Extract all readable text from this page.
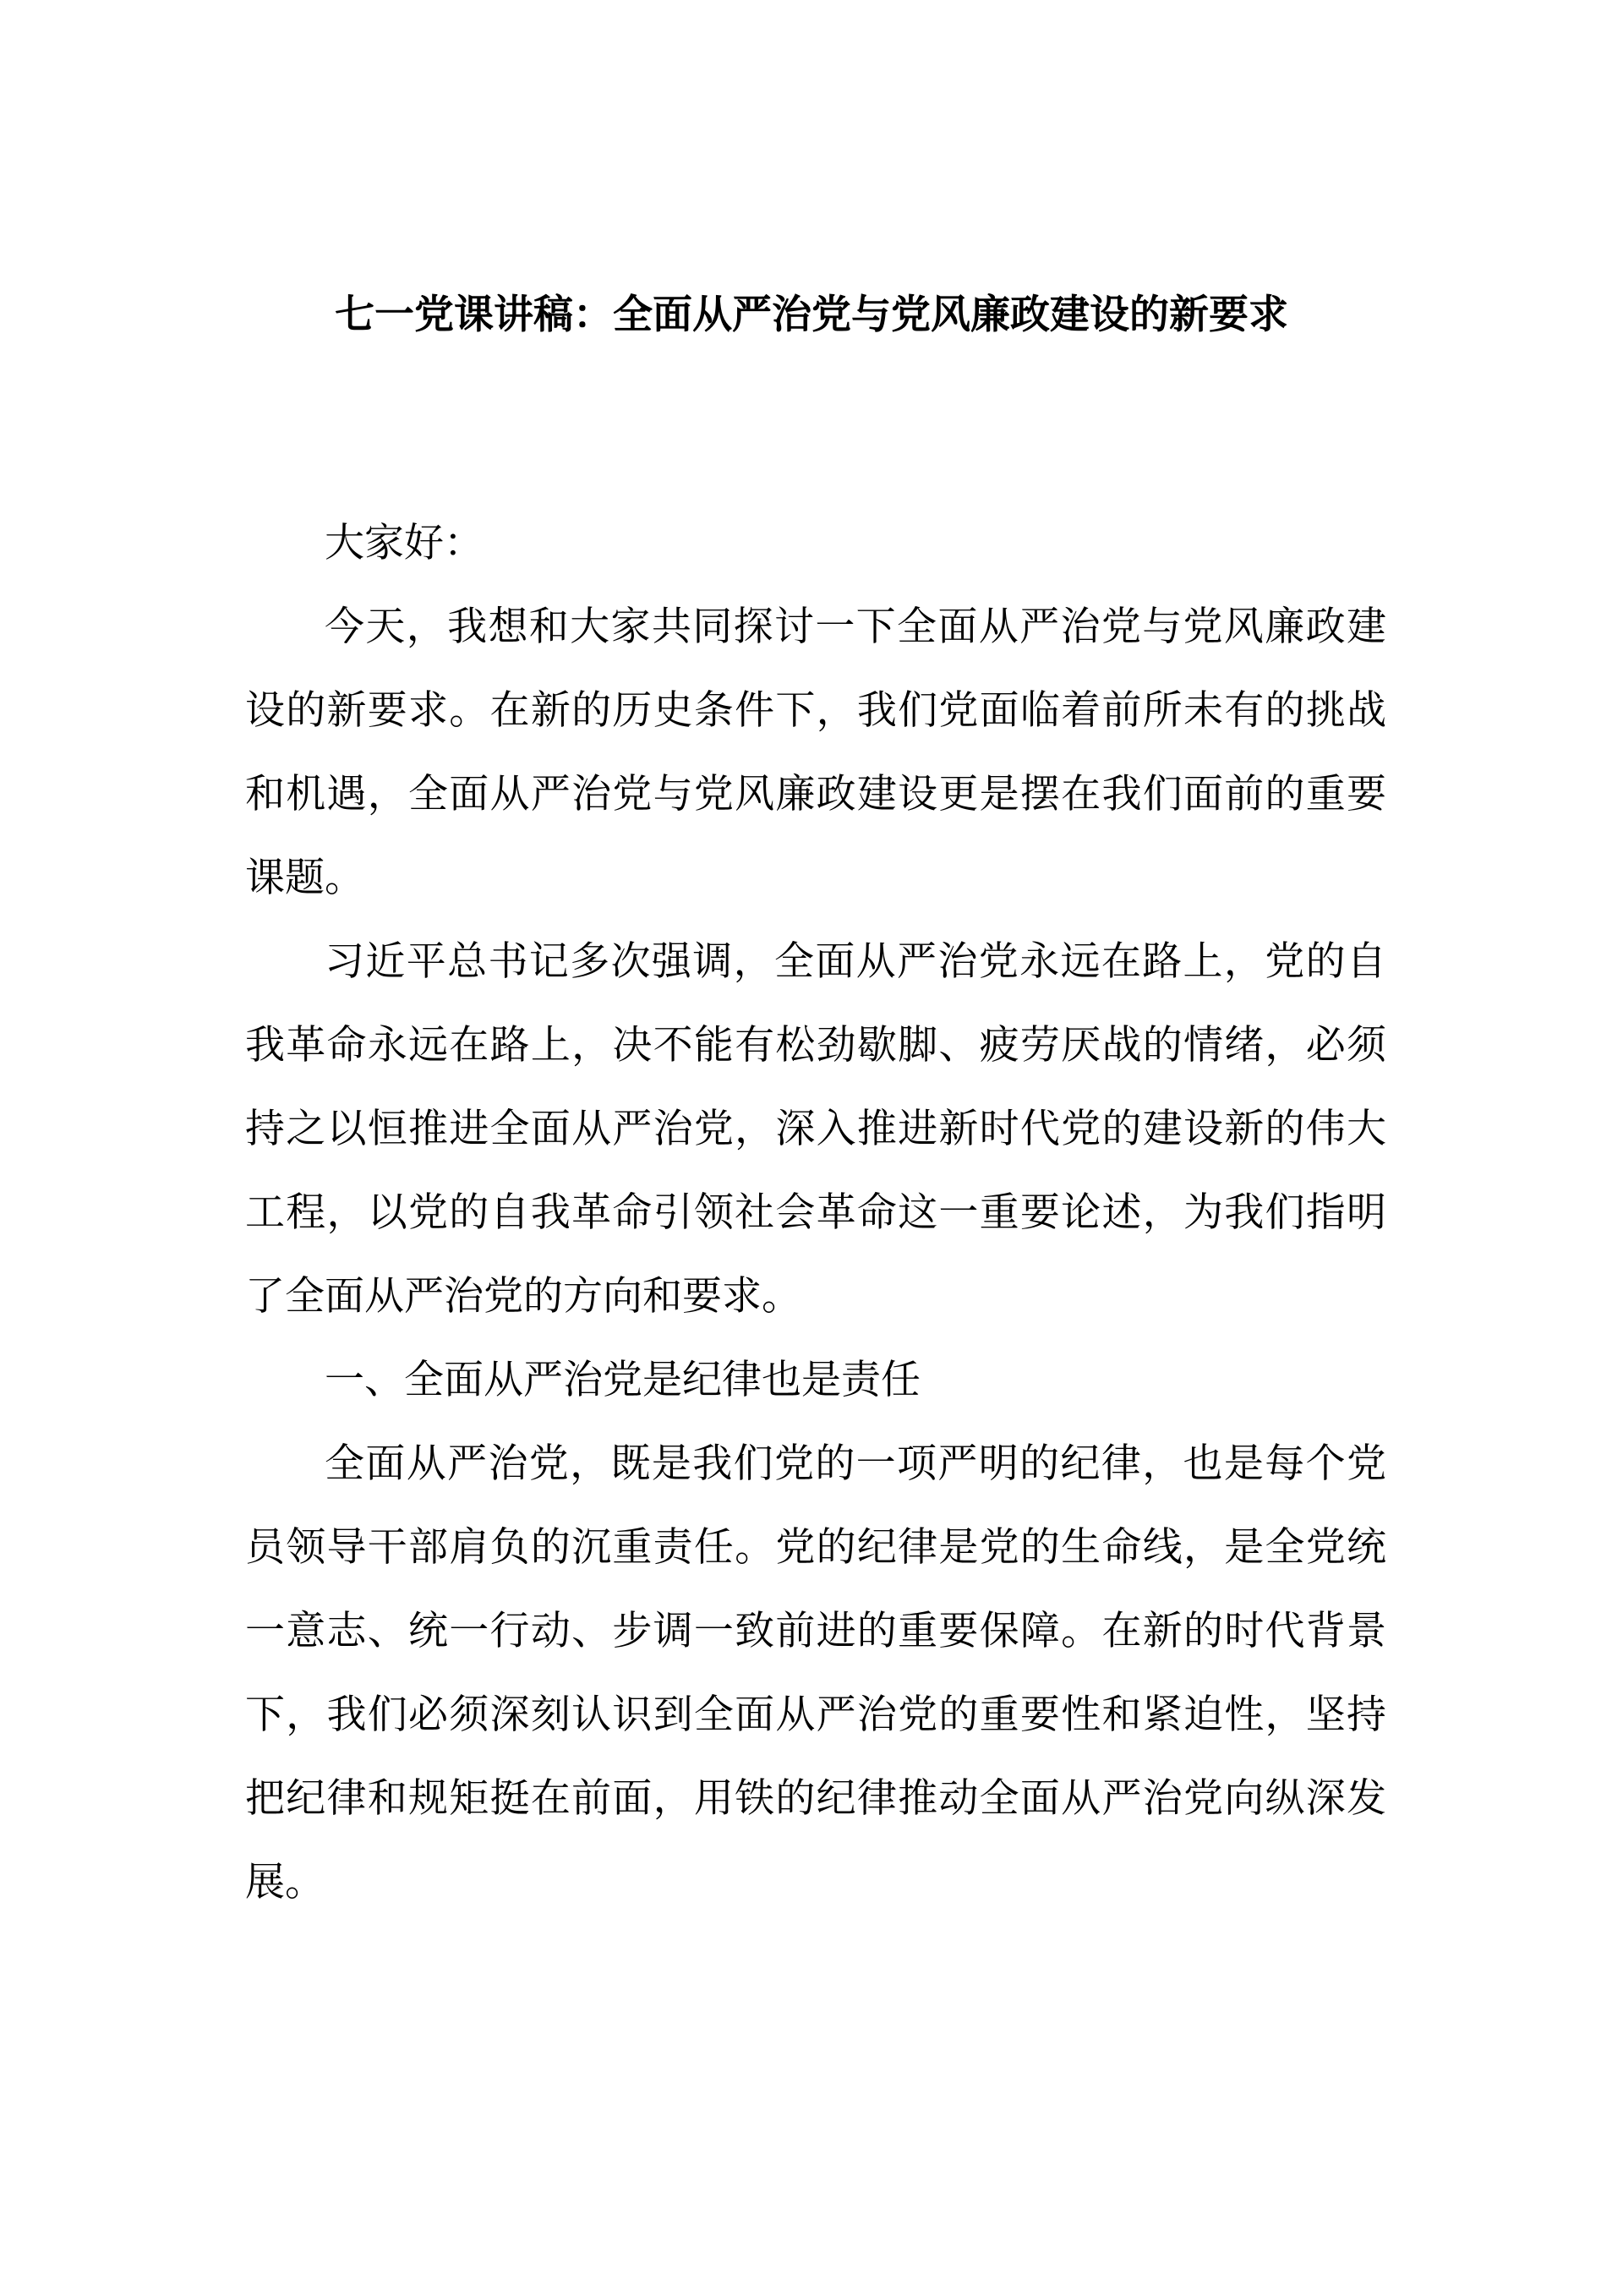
七一党课讲稿：全面从严治党与党风廉政建设的新要求

大家好：

今天，我想和大家共同探讨一下全面从严治党与党风廉政建设的新要求。在新的历史条件下，我们党面临着前所未有的挑战和机遇，全面从严治党与党风廉政建设更是摆在我们面前的重要课题。

习近平总书记多次强调，全面从严治党永远在路上，党的自我革命永远在路上，决不能有松劲歇脚、疲劳厌战的情绪，必须持之以恒推进全面从严治党，深入推进新时代党的建设新的伟大工程，以党的自我革命引领社会革命这一重要论述，为我们指明了全面从严治党的方向和要求。

一、全面从严治党是纪律也是责任

全面从严治党，既是我们党的一项严明的纪律，也是每个党员领导干部肩负的沉重责任。党的纪律是党的生命线，是全党统一意志、统一行动、步调一致前进的重要保障。在新的时代背景下，我们必须深刻认识到全面从严治党的重要性和紧迫性，坚持把纪律和规矩挺在前面，用铁的纪律推动全面从严治党向纵深发展。
